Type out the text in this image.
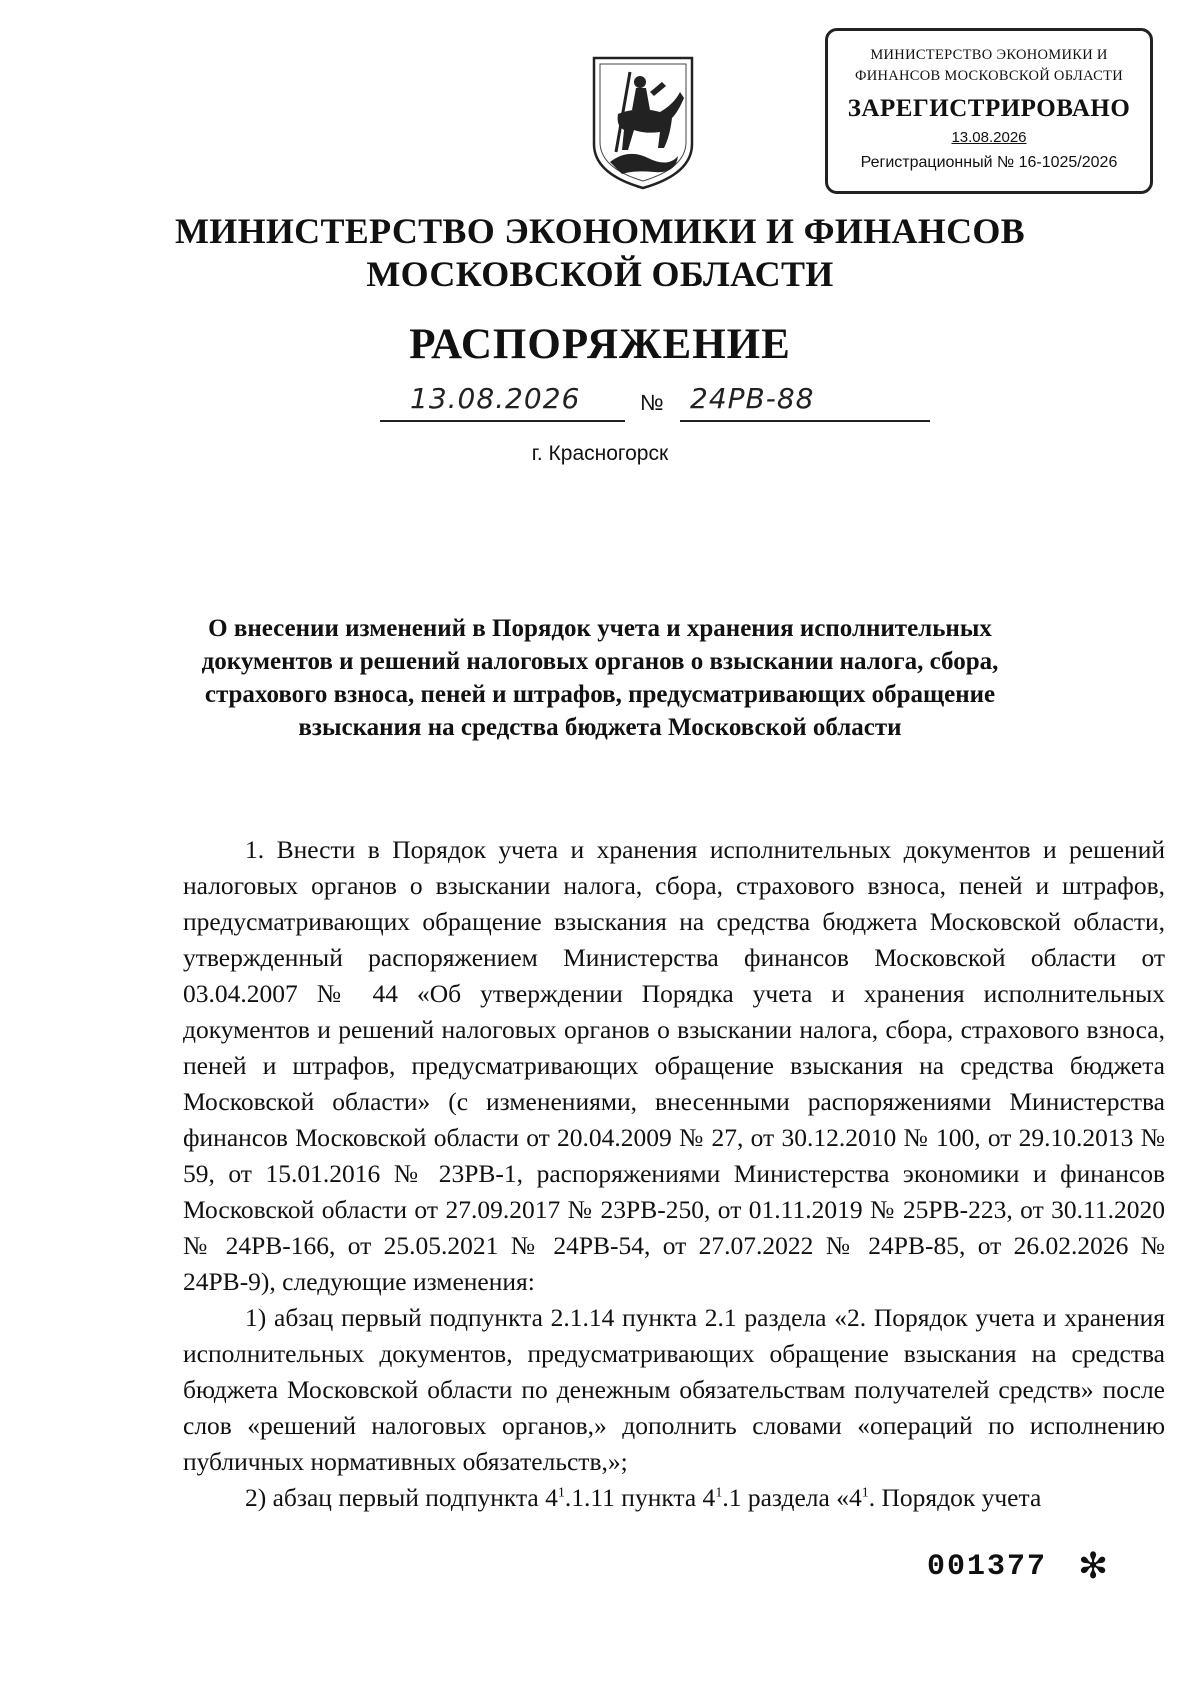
МИНИСТЕРСТВО ЭКОНОМИКИ И
ФИНАНСОВ МОСКОВСКОЙ ОБЛАСТИ
ЗАРЕГИСТРИРОВАНО
13.08.2026
Регистрационный № 16-1025/2026
МИНИСТЕРСТВО ЭКОНОМИКИ И ФИНАНСОВ
МОСКОВСКОЙ ОБЛАСТИ
РАСПОРЯЖЕНИЕ
13.08.2026	№ 24РВ-88
г. Красногорск
О внесении изменений в Порядок учета и хранения исполнительных документов и решений налоговых органов о взыскании налога, сбора, страхового взноса, пеней и штрафов, предусматривающих обращение взыскания на средства бюджета Московской области

1. Внести в Порядок учета и хранения исполнительных документов и решений налоговых органов о взыскании налога, сбора, страхового взноса, пеней и штрафов, предусматривающих обращение взыскания на средства бюджета Московской области, утвержденный распоряжением Министерства финансов Московской области от 03.04.2007 № 44 «Об утверждении Порядка учета и хранения исполнительных документов и решений налоговых органов о взыскании налога, сбора, страхового взноса, пеней и штрафов, предусматривающих обращение взыскания на средства бюджета Московской области» (с изменениями, внесенными распоряжениями Министерства финансов Московской области от 20.04.2009 № 27, от 30.12.2010 № 100, от 29.10.2013 № 59, от 15.01.2016 № 23РВ-1, распоряжениями Министерства экономики и финансов Московской области от 27.09.2017 № 23РВ-250, от 01.11.2019 № 25РВ-223, от 30.11.2020 № 24РВ-166, от 25.05.2021 № 24РВ-54, от 27.07.2022 № 24РВ-85, от 26.02.2026 № 24РВ-9), следующие изменения:

1) абзац первый подпункта 2.1.14 пункта 2.1 раздела «2. Порядок учета и хранения исполнительных документов, предусматривающих обращение взыскания на средства бюджета Московской области по денежным обязательствам получателей средств» после слов «решений налоговых органов,» дополнить словами «операций по исполнению публичных нормативных обязательств,»;

2) абзац первый подпункта $4^1.1.11$ пункта $4^1.1$ раздела «$4^1$. Порядок учета

001377 ✻
